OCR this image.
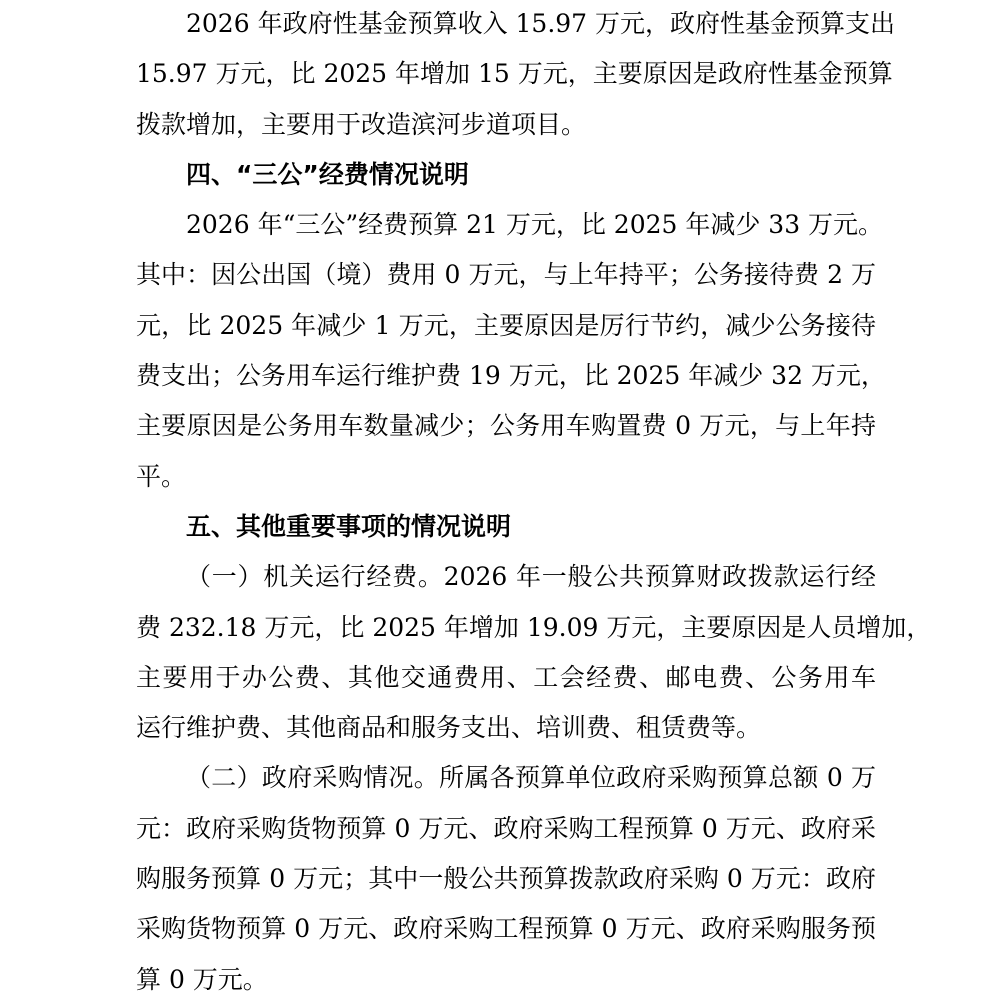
2026 年政府性基金预算收入 15.97 万元，政府性基金预算支出
15.97 万元，比 2025 年增加 15 万元，主要原因是政府性基金预算
拨款增加，主要用于改造滨河步道项目。
四、“三公”经费情况说明
2026 年“三公”经费预算 21 万元，比 2025 年减少 33 万元。
其中：因公出国（境）费用 0 万元，与上年持平；公务接待费 2 万
元，比 2025 年减少 1 万元，主要原因是厉行节约，减少公务接待
费支出；公务用车运行维护费 19 万元，比 2025 年减少 32 万元，
主要原因是公务用车数量减少；公务用车购置费 0 万元，与上年持
平。
五、其他重要事项的情况说明
（一）机关运行经费。2026 年一般公共预算财政拨款运行经
费 232.18 万元，比 2025 年增加 19.09 万元，主要原因是人员增加，
主要用于办公费、其他交通费用、工会经费、邮电费、公务用车
运行维护费、其他商品和服务支出、培训费、租赁费等。
（二）政府采购情况。所属各预算单位政府采购预算总额 0 万
元：政府采购货物预算 0 万元、政府采购工程预算 0 万元、政府采
购服务预算 0 万元；其中一般公共预算拨款政府采购 0 万元：政府
采购货物预算 0 万元、政府采购工程预算 0 万元、政府采购服务预
算 0 万元。
